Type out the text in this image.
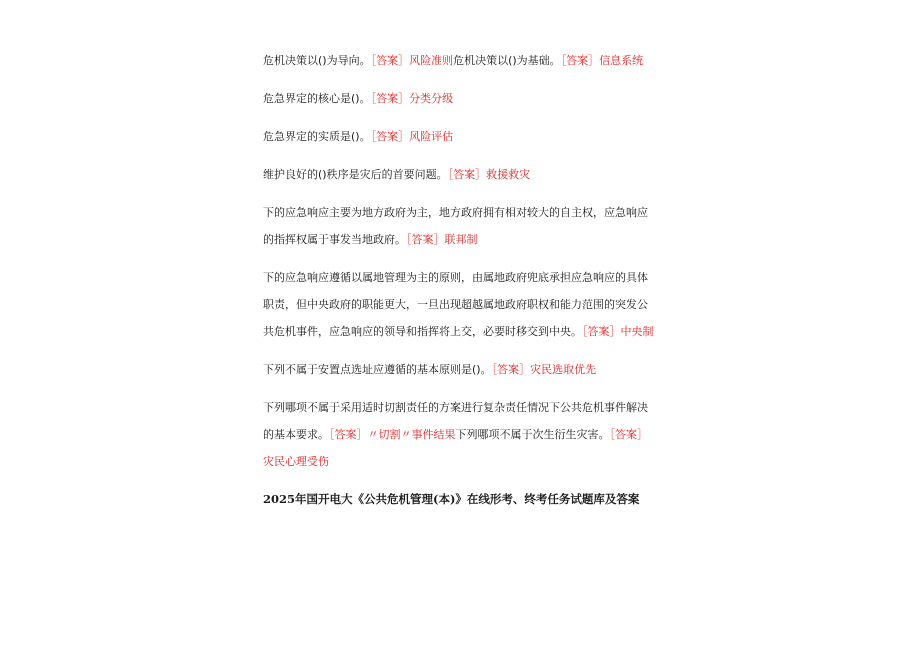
危机决策以()为导向。［答案］风险准则危机决策以()为基础。［答案］信息系统
危急界定的核心是()。［答案］分类分级
危急界定的实质是()。［答案］风险评估
维护良好的()秩序是灾后的首要问题。［答案］救援救灾
下的应急响应主要为地方政府为主，地方政府拥有相对较大的自主权，应急响应的指挥权属于事发当地政府。［答案］联邦制
下的应急响应遵循以属地管理为主的原则，由属地政府兜底承担应急响应的具体职责，但中央政府的职能更大，一旦出现超越属地政府职权和能力范围的突发公共危机事件，应急响应的领导和指挥将上交，必要时移交到中央。［答案］中央制
下列不属于安置点选址应遵循的基本原则是()。［答案］灾民选取优先
下列哪项不属于采用适时切割责任的方案进行复杂责任情况下公共危机事件解决的基本要求。［答案］〃切割〃事件结果下列哪项不属于次生衍生灾害。［答案］灾民心理受伤
2025年国开电大《公共危机管理(本)》在线形考、终考任务试题库及答案
